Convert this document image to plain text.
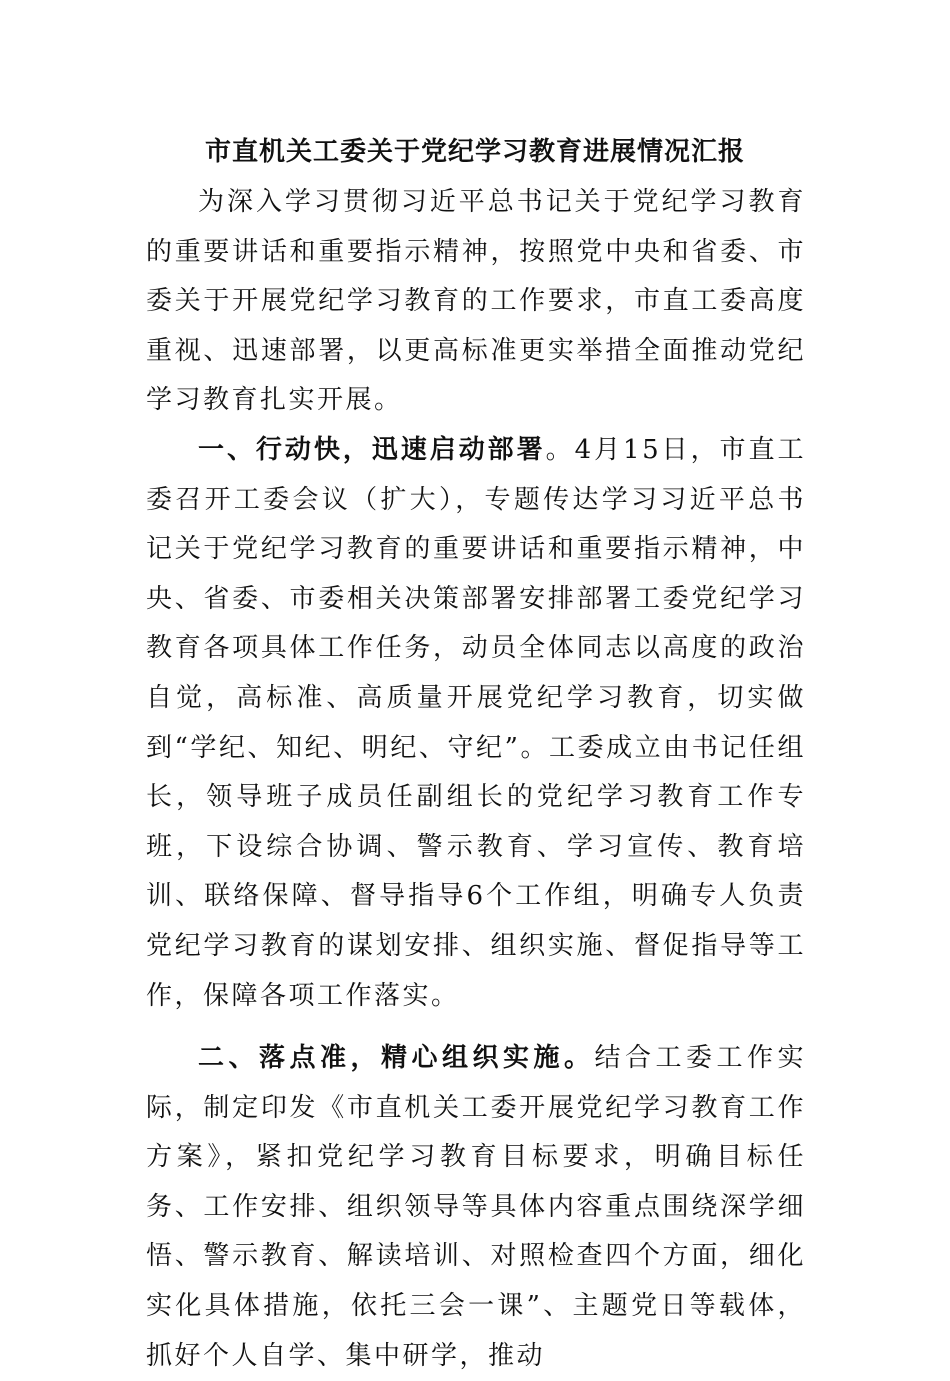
市直机关工委关于党纪学习教育进展情况汇报

为深入学习贯彻习近平总书记关于党纪学习教育的重要讲话和重要指示精神，按照党中央和省委、市委关于开展党纪学习教育的工作要求，市直工委高度重视、迅速部署，以更高标准更实举措全面推动党纪学习教育扎实开展。

一、行动快，迅速启动部署。4月15日，市直工委召开工委会议（扩大），专题传达学习习近平总书记关于党纪学习教育的重要讲话和重要指示精神，中央、省委、市委相关决策部署安排部署工委党纪学习教育各项具体工作任务，动员全体同志以高度的政治自觉，高标准、高质量开展党纪学习教育，切实做到“学纪、知纪、明纪、守纪”。工委成立由书记任组长，领导班子成员任副组长的党纪学习教育工作专班，下设综合协调、警示教育、学习宣传、教育培训、联络保障、督导指导6个工作组，明确专人负责党纪学习教育的谋划安排、组织实施、督促指导等工作，保障各项工作落实。

二、落点准，精心组织实施。结合工委工作实际，制定印发《市直机关工委开展党纪学习教育工作方案》，紧扣党纪学习教育目标要求，明确目标任务、工作安排、组织领导等具体内容重点围绕深学细悟、警示教育、解读培训、对照检查四个方面，细化实化具体措施，依托三会一课”、主题党日等载体，抓好个人自学、集中研学，推动
